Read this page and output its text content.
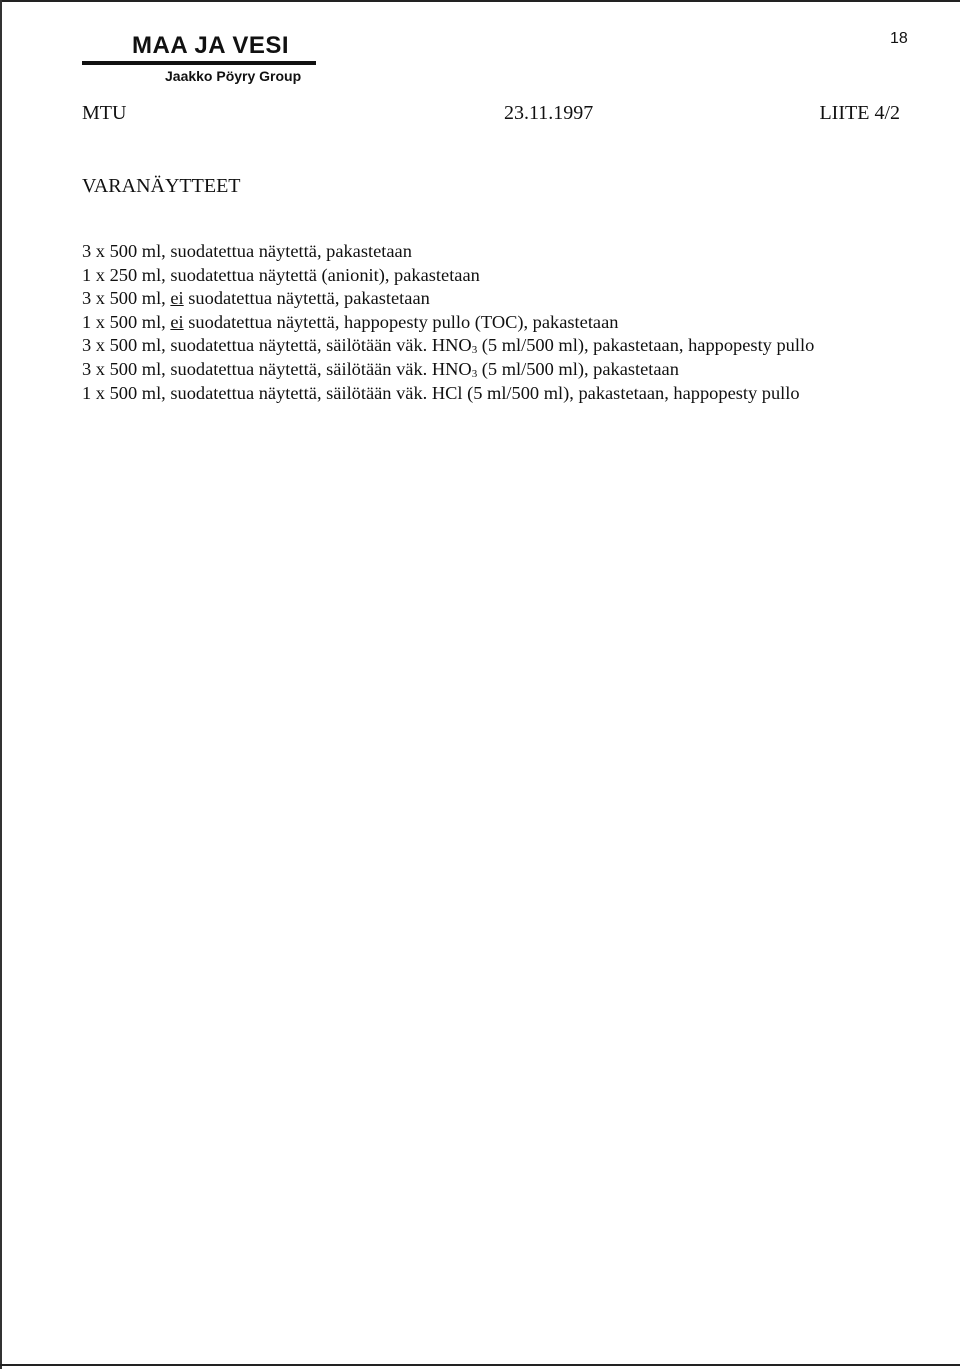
MAA JA VESI
Jaakko Pöyry Group
18
MTU	23.11.1997	LIITE 4/2
VARANÄYTTEET
3 x 500 ml, suodatettua näytettä, pakastetaan
1 x 250 ml, suodatettua näytettä (anionit), pakastetaan
3 x 500 ml, ei suodatettua näytettä, pakastetaan
1 x 500 ml, ei suodatettua näytettä, happopesty pullo (TOC), pakastetaan
3 x 500 ml, suodatettua näytettä, säilötään väk. $HNO_3$ (5 ml/500 ml), pakastetaan, happopesty pullo
3 x 500 ml, suodatettua näytettä, säilötään väk. $HNO_3$ (5 ml/500 ml), pakastetaan
1 x 500 ml, suodatettua näytettä, säilötään väk. HCl (5 ml/500 ml), pakastetaan, happopesty pullo
